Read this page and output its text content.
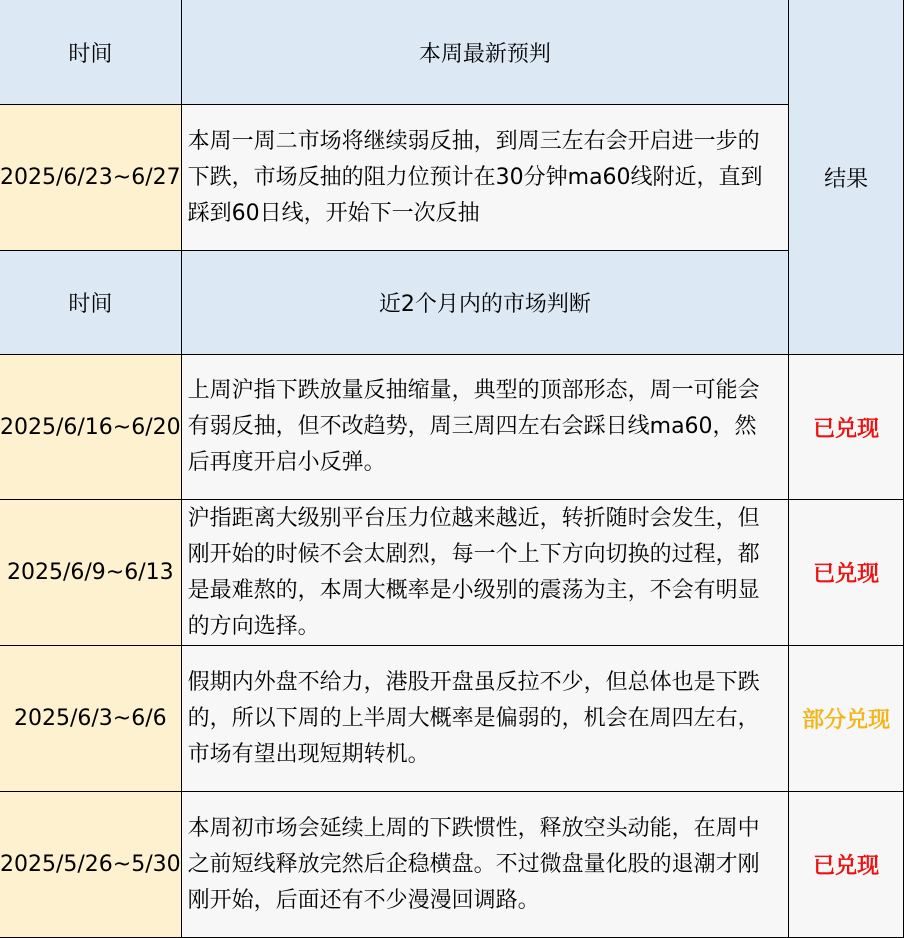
时间	本周最新预判	结果
2025/6/23~6/27	本周一周二市场将继续弱反抽，到周三左右会开启进一步的下跌，市场反抽的阻力位预计在30分钟ma60线附近，直到踩到60日线，开始下一次反抽	
时间	近2个月内的市场判断	
2025/6/16~6/20	上周沪指下跌放量反抽缩量，典型的顶部形态，周一可能会有弱反抽，但不改趋势，周三周四左右会踩日线ma60，然后再度开启小反弹。	已兑现
2025/6/9~6/13	沪指距离大级别平台压力位越来越近，转折随时会发生，但刚开始的时候不会太剧烈，每一个上下方向切换的过程，都是最难熬的，本周大概率是小级别的震荡为主，不会有明显的方向选择。	已兑现
2025/6/3~6/6	假期内外盘不给力，港股开盘虽反拉不少，但总体也是下跌的，所以下周的上半周大概率是偏弱的，机会在周四左右，市场有望出现短期转机。	部分兑现
2025/5/26~5/30	本周初市场会延续上周的下跌惯性，释放空头动能，在周中之前短线释放完然后企稳横盘。不过微盘量化股的退潮才刚刚开始，后面还有不少漫漫回调路。	已兑现
